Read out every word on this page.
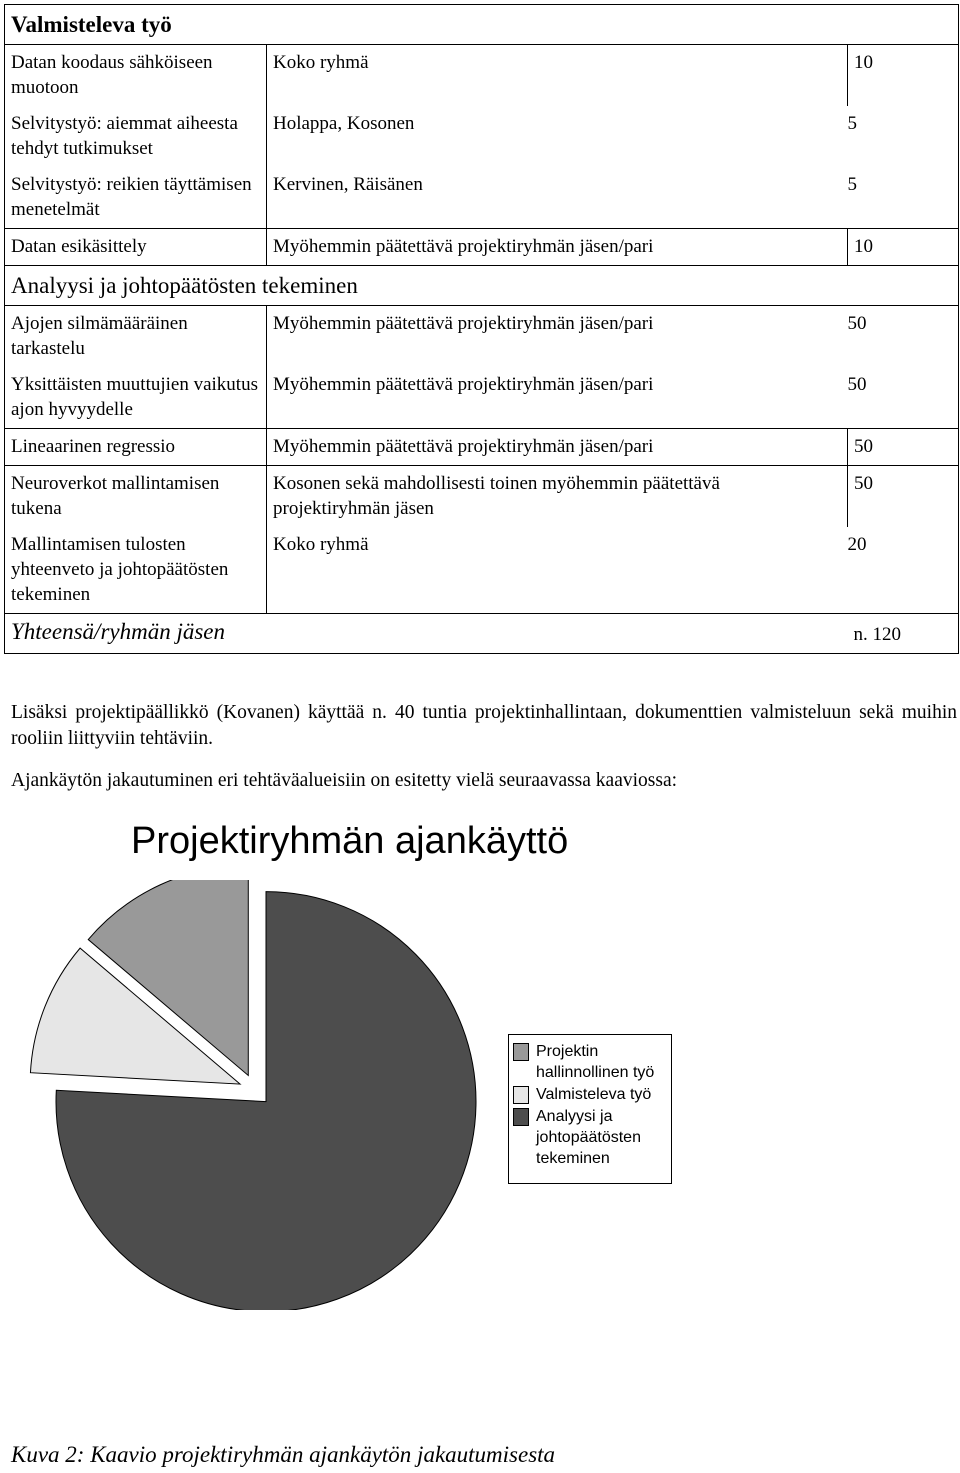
Valmisteleva työ		
Datan koodaus sähköiseen muotoon	Koko ryhmä	10
Selvitystyö: aiemmat aiheesta tehdyt tutkimukset	Holappa, Kosonen	5
Selvitystyö: reikien täyttämisen menetelmät	Kervinen, Räisänen	5
Datan esikäsittely	Myöhemmin päätettävä projektiryhmän jäsen/pari	10
Analyysi ja johtopäätösten tekeminen		
Ajojen silmämääräinen tarkastelu	Myöhemmin päätettävä projektiryhmän jäsen/pari	50
Yksittäisten muuttujien vaikutus ajon hyvyydelle	Myöhemmin päätettävä projektiryhmän jäsen/pari	50
Lineaarinen regressio	Myöhemmin päätettävä projektiryhmän jäsen/pari	50
Neuroverkot mallintamisen tukena	Kosonen sekä mahdollisesti toinen myöhemmin päätettävä projektiryhmän jäsen	50
Mallintamisen tulosten yhteenveto ja johtopäätösten tekeminen	Koko ryhmä	20
Yhteensä/ryhmän jäsen		n. 120
Lisäksi projektipäällikkö (Kovanen) käyttää n. 40 tuntia projektinhallintaan, dokumenttien valmisteluun sekä muihin rooliin liittyviin tehtäviin.
Ajankäytön jakautuminen eri tehtäväalueisiin on esitetty vielä seuraavassa kaaviossa:
Projektiryhmän ajankäyttö
Projektin hallinnollinen työ
Valmisteleva työ
Analyysi ja johtopäätösten tekeminen
Kuva 2: Kaavio projektiryhmän ajankäytön jakautumisesta
